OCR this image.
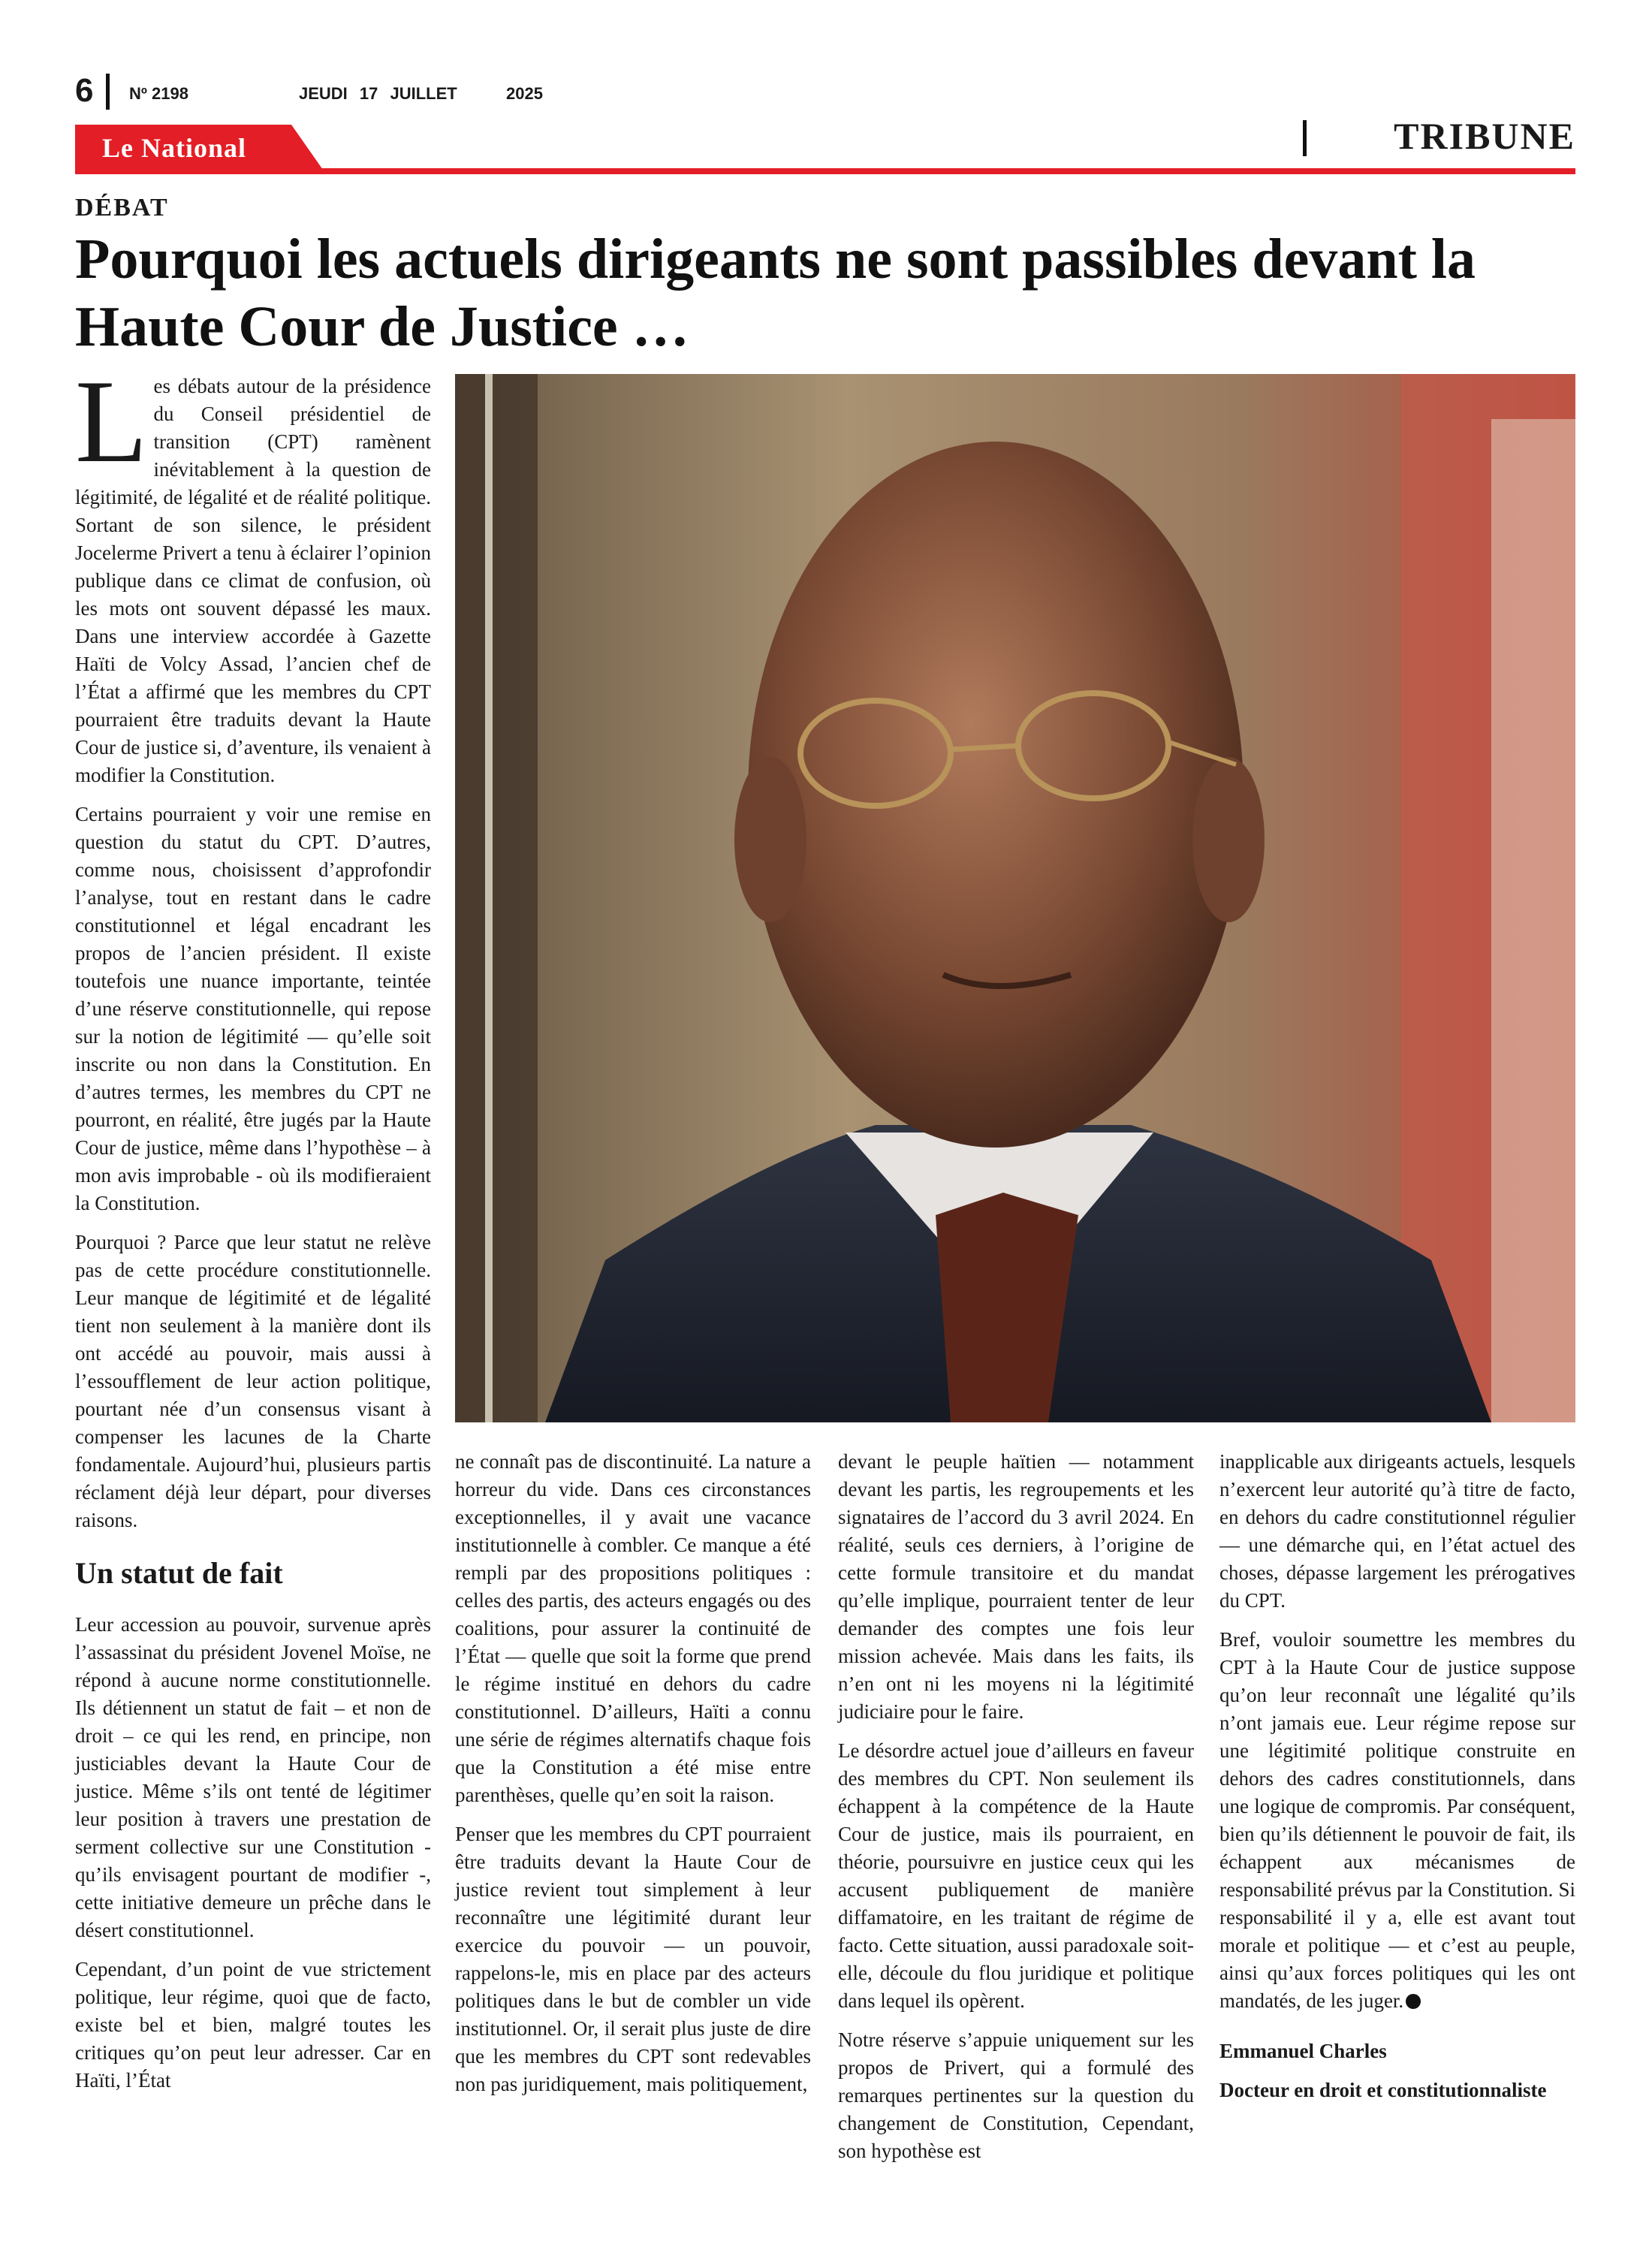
6 Nº 2198	JEUDI 17 JUILLET	2025
Le National	TRIBUNE
DÉBAT
Pourquoi les actuels dirigeants ne sont passibles devant la Haute Cour de Justice …

Les débats autour de la présidence du Conseil présidentiel de transition (CPT) ramènent inévitablement à la question de légitimité, de légalité et de réalité politique. Sortant de son silence, le président Jocelerme Privert a tenu à éclairer l’opinion publique dans ce climat de confusion, où les mots ont souvent dépassé les maux. Dans une interview accordée à Gazette Haïti de Volcy Assad, l’ancien chef de l’État a affirmé que les membres du CPT pourraient être traduits devant la Haute Cour de justice si, d’aventure, ils venaient à modifier la Constitution.

Certains pourraient y voir une remise en question du statut du CPT. D’autres, comme nous, choisissent d’approfondir l’analyse, tout en restant dans le cadre constitutionnel et légal encadrant les propos de l’ancien président. Il existe toutefois une nuance importante, teintée d’une réserve constitutionnelle, qui repose sur la notion de légitimité — qu’elle soit inscrite ou non dans la Constitution. En d’autres termes, les membres du CPT ne pourront, en réalité, être jugés par la Haute Cour de justice, même dans l’hypothèse – à mon avis improbable - où ils modifieraient la Constitution.

Pourquoi ? Parce que leur statut ne relève pas de cette procédure constitutionnelle. Leur manque de légitimité et de légalité tient non seulement à la manière dont ils ont accédé au pouvoir, mais aussi à l’essoufflement de leur action politique, pourtant née d’un consensus visant à compenser les lacunes de la Charte fondamentale. Aujourd’hui, plusieurs partis réclament déjà leur départ, pour diverses raisons.

Un statut de fait

Leur accession au pouvoir, survenue après l’assassinat du président Jovenel Moïse, ne répond à aucune norme constitutionnelle. Ils détiennent un statut de fait – et non de droit – ce qui les rend, en principe, non justiciables devant la Haute Cour de justice. Même s’ils ont tenté de légitimer leur position à travers une prestation de serment collective sur une Constitution - qu’ils envisagent pourtant de modifier -, cette initiative demeure un prêche dans le désert constitutionnel.

Cependant, d’un point de vue strictement politique, leur régime, quoi que de facto, existe bel et bien, malgré toutes les critiques qu’on peut leur adresser. Car en Haïti, l’État

ne connaît pas de discontinuité. La nature a horreur du vide. Dans ces circonstances exceptionnelles, il y avait une vacance institutionnelle à combler. Ce manque a été rempli par des propositions politiques : celles des partis, des acteurs engagés ou des coalitions, pour assurer la continuité de l’État — quelle que soit la forme que prend le régime institué en dehors du cadre constitutionnel. D’ailleurs, Haïti a connu une série de régimes alternatifs chaque fois que la Constitution a été mise entre parenthèses, quelle qu’en soit la raison.

Penser que les membres du CPT pourraient être traduits devant la Haute Cour de justice revient tout simplement à leur reconnaître une légitimité durant leur exercice du pouvoir — un pouvoir, rappelons-le, mis en place par des acteurs politiques dans le but de combler un vide institutionnel. Or, il serait plus juste de dire que les membres du CPT sont redevables non pas juridiquement, mais politiquement,

devant le peuple haïtien — notamment devant les partis, les regroupements et les signataires de l’accord du 3 avril 2024. En réalité, seuls ces derniers, à l’origine de cette formule transitoire et du mandat qu’elle implique, pourraient tenter de leur demander des comptes une fois leur mission achevée. Mais dans les faits, ils n’en ont ni les moyens ni la légitimité judiciaire pour le faire.

Le désordre actuel joue d’ailleurs en faveur des membres du CPT. Non seulement ils échappent à la compétence de la Haute Cour de justice, mais ils pourraient, en théorie, poursuivre en justice ceux qui les accusent publiquement de manière diffamatoire, en les traitant de régime de facto. Cette situation, aussi paradoxale soit-elle, découle du flou juridique et politique dans lequel ils opèrent.

Notre réserve s’appuie uniquement sur les propos de Privert, qui a formulé des remarques pertinentes sur la question du changement de Constitution, Cependant, son hypothèse est

inapplicable aux dirigeants actuels, lesquels n’exercent leur autorité qu’à titre de facto, en dehors du cadre constitutionnel régulier — une démarche qui, en l’état actuel des choses, dépasse largement les prérogatives du CPT.

Bref, vouloir soumettre les membres du CPT à la Haute Cour de justice suppose qu’on leur reconnaît une légalité qu’ils n’ont jamais eue. Leur régime repose sur une légitimité politique construite en dehors des cadres constitutionnels, dans une logique de compromis. Par conséquent, bien qu’ils détiennent le pouvoir de fait, ils échappent aux mécanismes de responsabilité prévus par la Constitution. Si responsabilité il y a, elle est avant tout morale et politique — et c’est au peuple, ainsi qu’aux forces politiques qui les ont mandatés, de les juger.

Emmanuel Charles

Docteur en droit et constitutionnaliste
